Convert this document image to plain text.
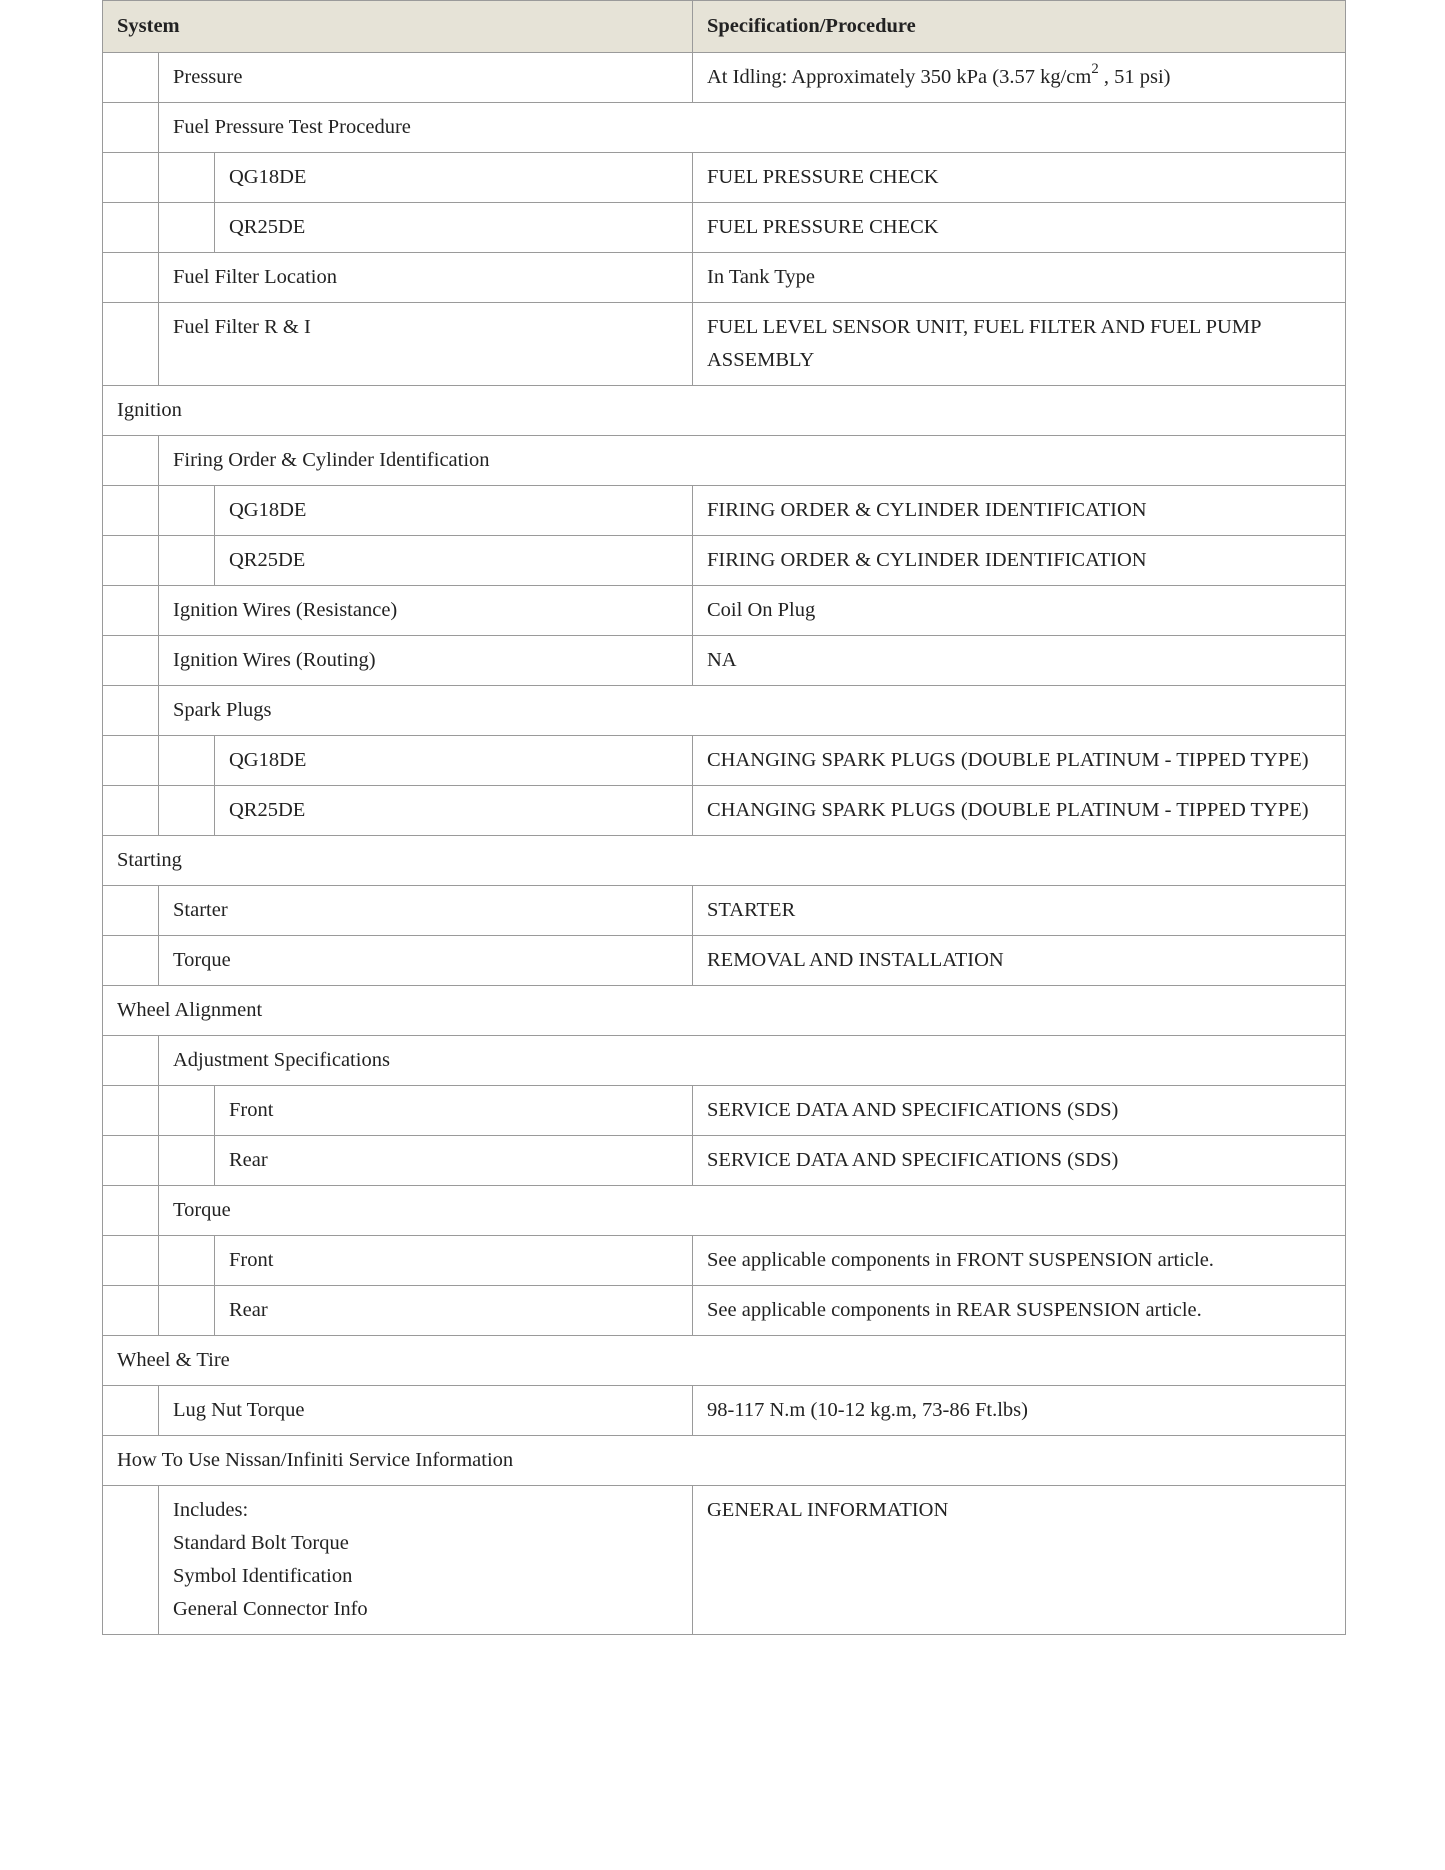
System			Specification/Procedure
	Pressure		At Idling: Approximately 350 kPa (3.57 $kg/cm^2$ , 51 psi)
	Fuel Pressure Test Procedure		
		QG18DE	FUEL PRESSURE CHECK
		QR25DE	FUEL PRESSURE CHECK
	Fuel Filter Location		In Tank Type
	Fuel Filter R & I		FUEL LEVEL SENSOR UNIT, FUEL FILTER AND FUEL PUMP ASSEMBLY
Ignition			
	Firing Order & Cylinder Identification		
		QG18DE	FIRING ORDER & CYLINDER IDENTIFICATION
		QR25DE	FIRING ORDER & CYLINDER IDENTIFICATION
	Ignition Wires (Resistance)		Coil On Plug
	Ignition Wires (Routing)		NA
	Spark Plugs		
		QG18DE	CHANGING SPARK PLUGS (DOUBLE PLATINUM - TIPPED TYPE)
		QR25DE	CHANGING SPARK PLUGS (DOUBLE PLATINUM - TIPPED TYPE)
Starting			
	Starter		STARTER
	Torque		REMOVAL AND INSTALLATION
Wheel Alignment			
	Adjustment Specifications		
		Front	SERVICE DATA AND SPECIFICATIONS (SDS)
		Rear	SERVICE DATA AND SPECIFICATIONS (SDS)
	Torque		
		Front	See applicable components in FRONT SUSPENSION article.
		Rear	See applicable components in REAR SUSPENSION article.
Wheel & Tire			
	Lug Nut Torque		98-117 N.m (10-12 kg.m, 73-86 Ft.lbs)
How To Use Nissan/Infiniti Service Information			

	Includes:
Standard Bolt Torque
Symbol Identification
General Connector Info		GENERAL INFORMATION
